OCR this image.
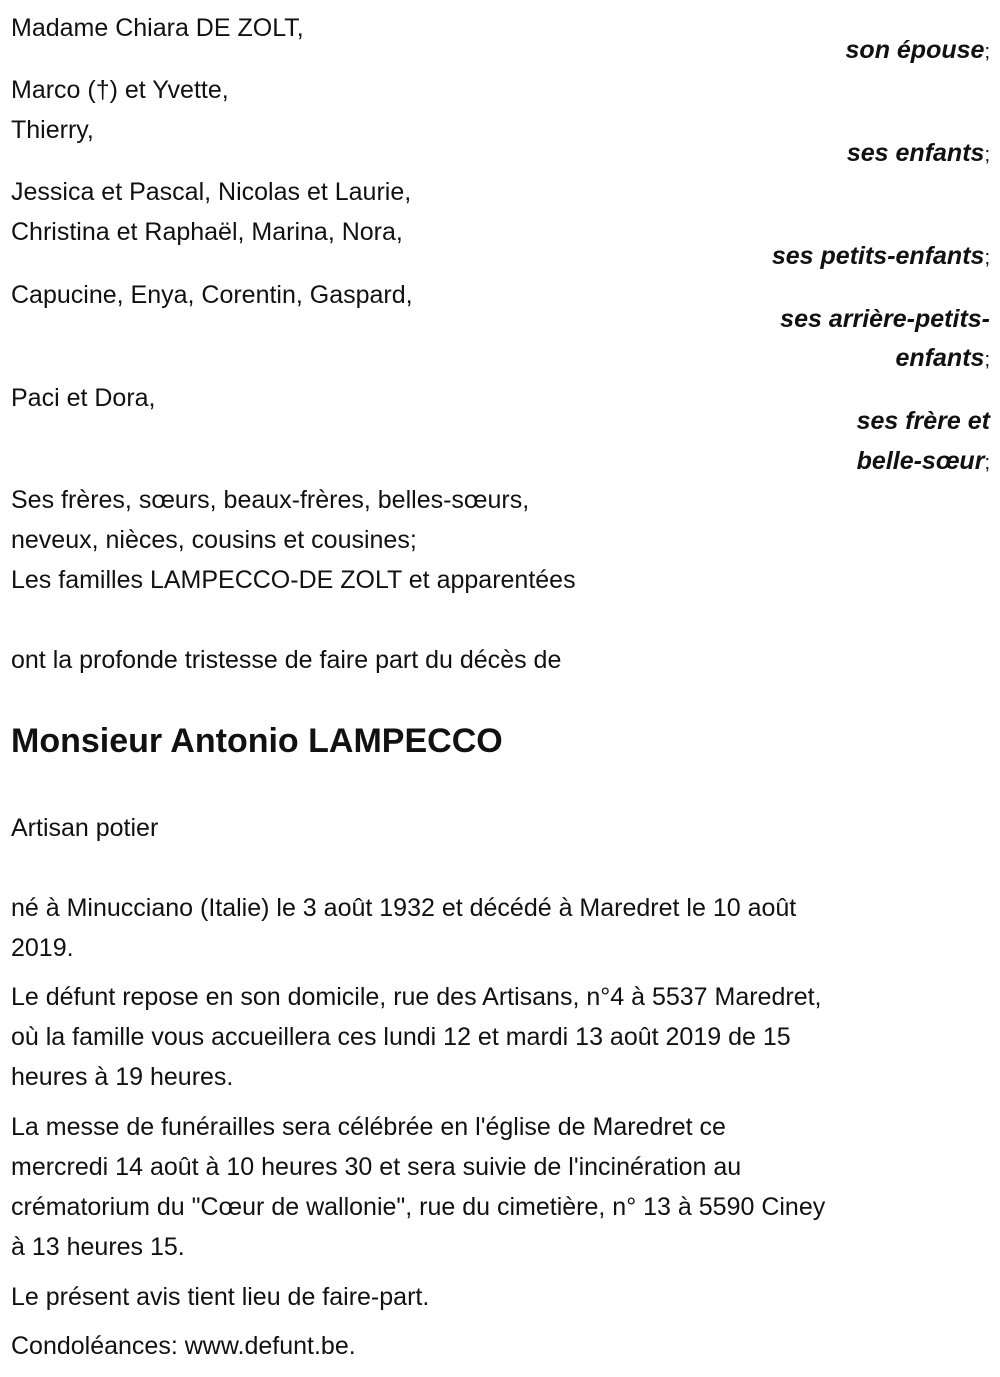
Madame Chiara DE ZOLT,
son épouse;
Marco (†) et Yvette,
Thierry,
ses enfants;
Jessica et Pascal, Nicolas et Laurie,
Christina et Raphaël, Marina, Nora,
ses petits-enfants;
Capucine, Enya, Corentin, Gaspard,
ses arrière-petits-
enfants;
Paci et Dora,
ses frère et
belle-sœur;
Ses frères, sœurs, beaux-frères, belles-sœurs,
neveux, nièces, cousins et cousines;
Les familles LAMPECCO-DE ZOLT et apparentées
ont la profonde tristesse de faire part du décès de
Monsieur Antonio LAMPECCO
Artisan potier
né à Minucciano (Italie) le 3 août 1932 et décédé à Maredret le 10 août
2019.
Le défunt repose en son domicile, rue des Artisans, n°4 à 5537 Maredret,
où la famille vous accueillera ces lundi 12 et mardi 13 août 2019 de 15
heures à 19 heures.
La messe de funérailles sera célébrée en l'église de Maredret ce
mercredi 14 août à 10 heures 30 et sera suivie de l'incinération au
crématorium du "Cœur de wallonie", rue du cimetière, n° 13 à 5590 Ciney
à 13 heures 15.
Le présent avis tient lieu de faire-part.
Condoléances: www.defunt.be.
